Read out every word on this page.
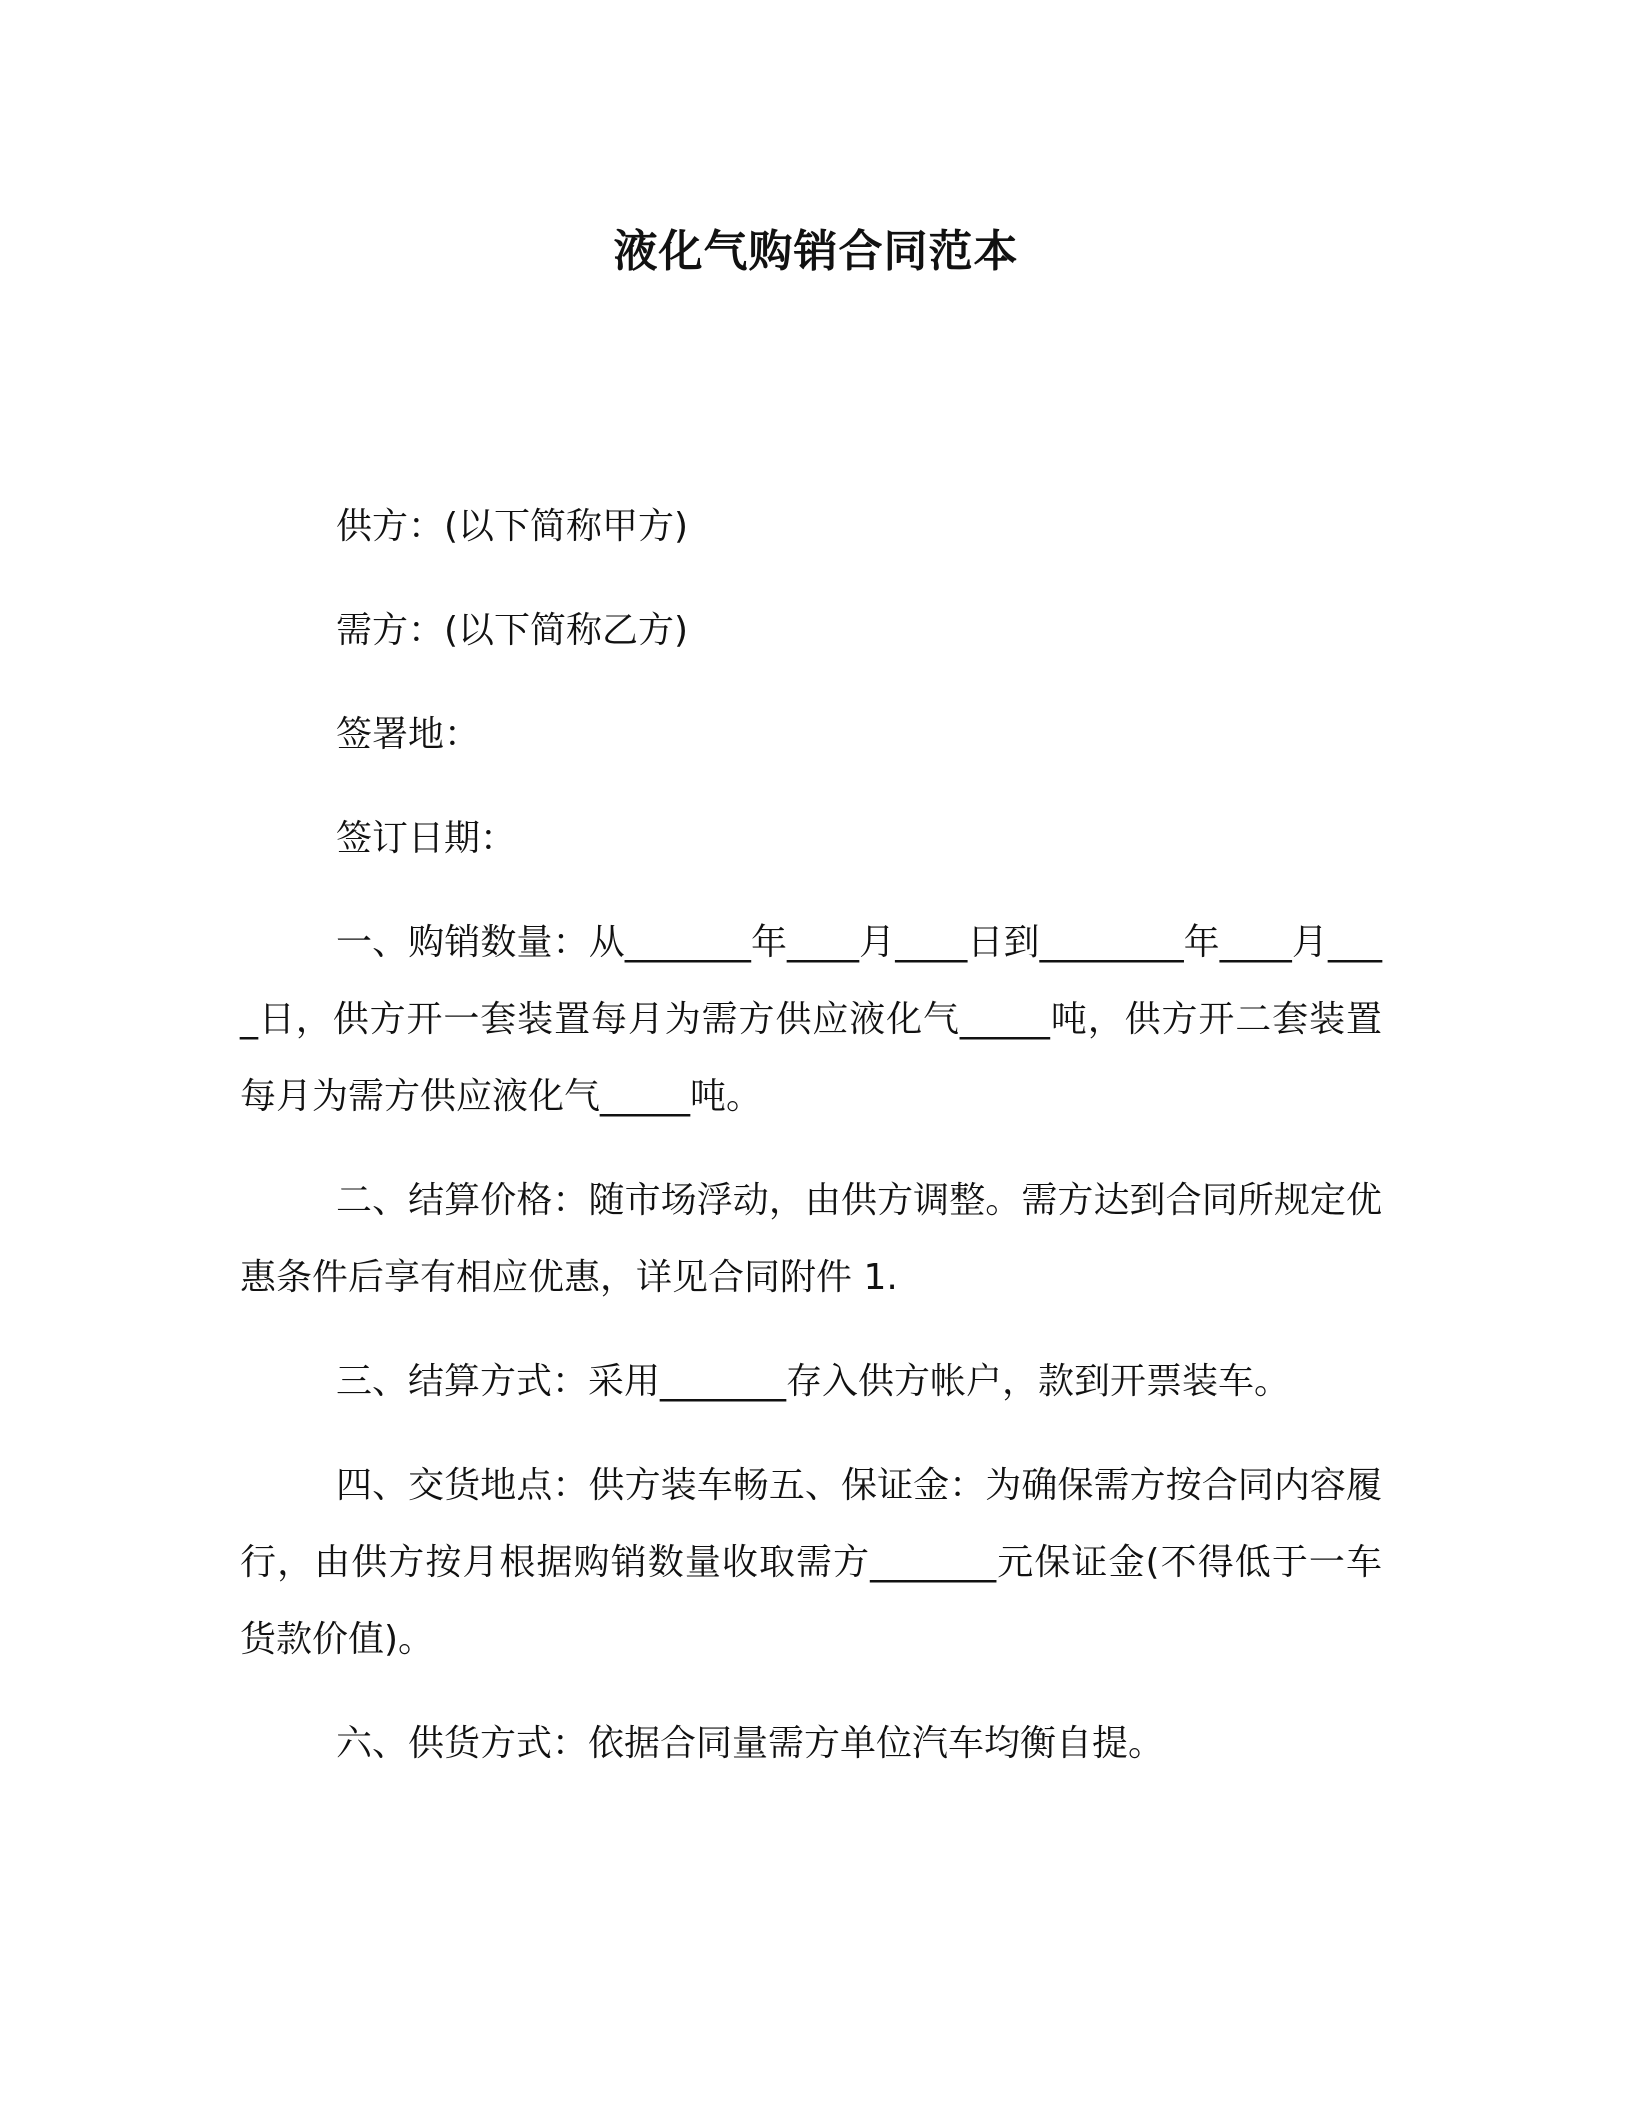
液化气购销合同范本

供方：(以下简称甲方)

需方：(以下简称乙方)

签署地：

签订日期：

一、购销数量：从_______年____月____日到________年____月____日，供方开一套装置每月为需方供应液化气_____吨，供方开二套装置每月为需方供应液化气_____吨。

二、结算价格：随市场浮动，由供方调整。需方达到合同所规定优惠条件后享有相应优惠，详见合同附件 1.

三、结算方式：采用_______存入供方帐户，款到开票装车。

四、交货地点：供方装车畅五、保证金：为确保需方按合同内容履行，由供方按月根据购销数量收取需方_______元保证金(不得低于一车货款价值)。

六、供货方式：依据合同量需方单位汽车均衡自提。
